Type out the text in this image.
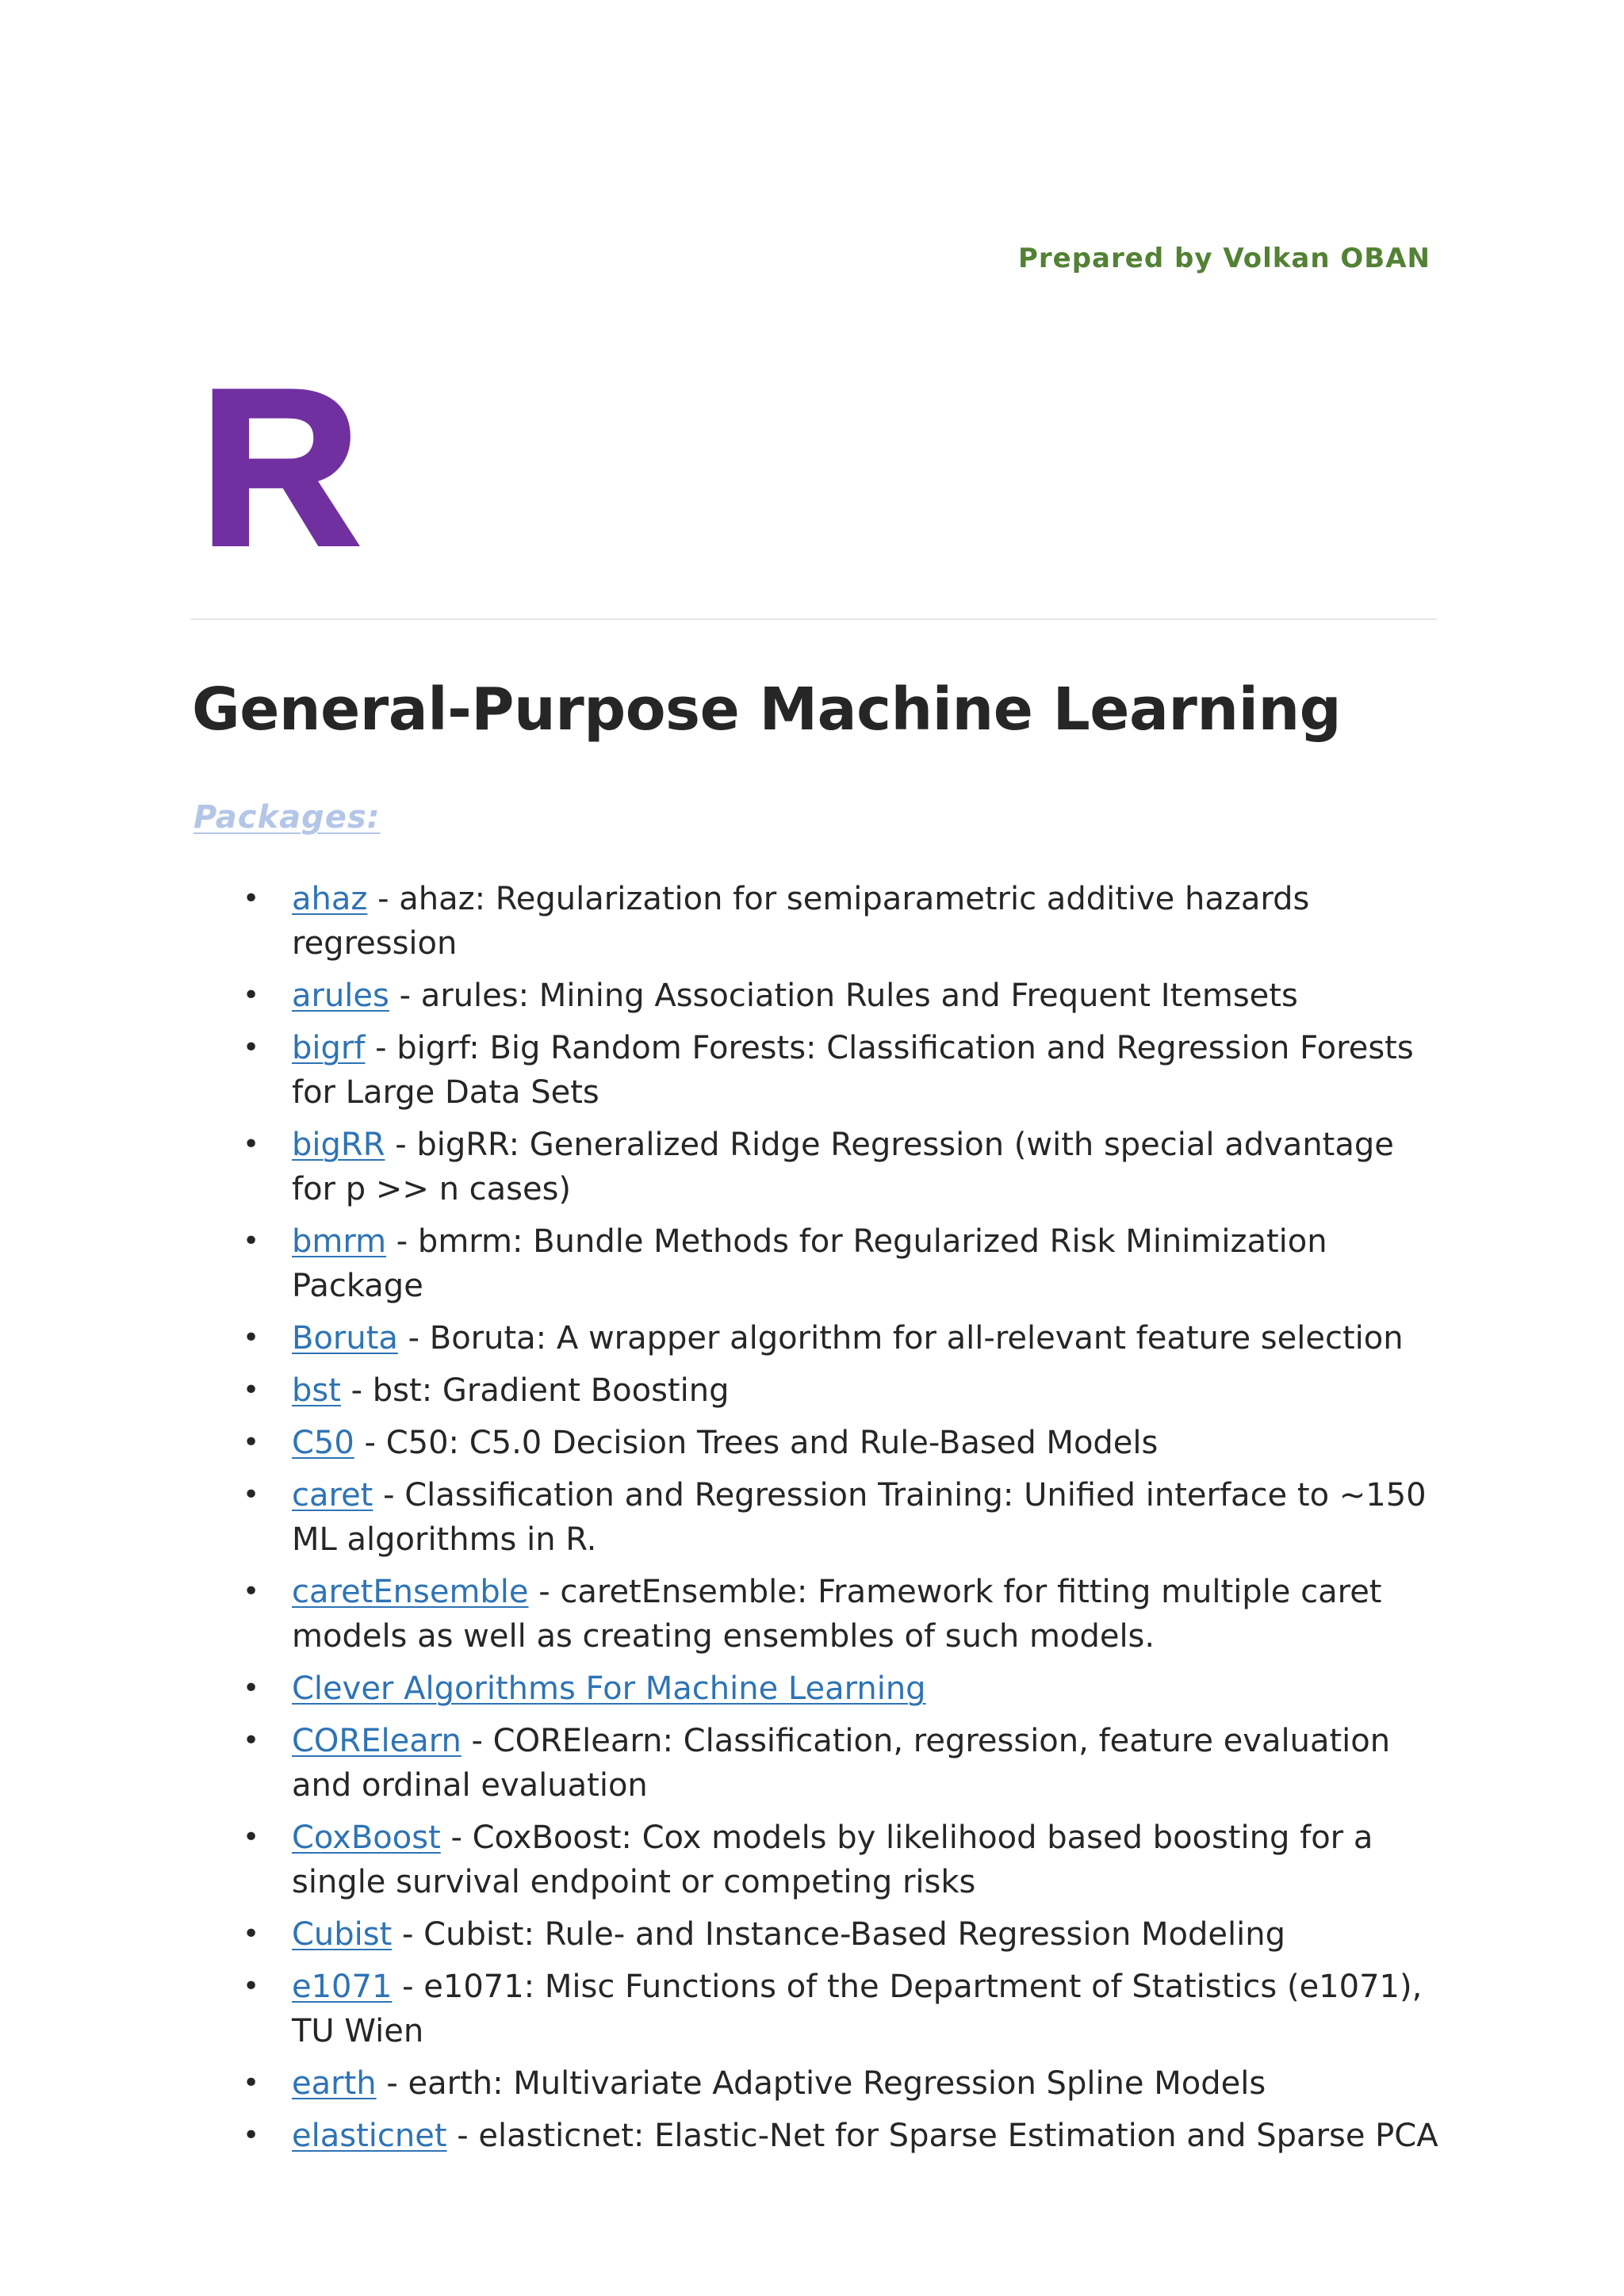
Prepared by Volkan OBAN
R
General-Purpose Machine Learning
Packages:
• ahaz - ahaz: Regularization for semiparametric additive hazards regression
• arules - arules: Mining Association Rules and Frequent Itemsets
• bigrf - bigrf: Big Random Forests: Classification and Regression Forests for Large Data Sets
• bigRR - bigRR: Generalized Ridge Regression (with special advantage for p >> n cases)
• bmrm - bmrm: Bundle Methods for Regularized Risk Minimization Package
• Boruta - Boruta: A wrapper algorithm for all-relevant feature selection
• bst - bst: Gradient Boosting
• C50 - C50: C5.0 Decision Trees and Rule-Based Models
• caret - Classification and Regression Training: Unified interface to ~150 ML algorithms in R.
• caretEnsemble - caretEnsemble: Framework for fitting multiple caret models as well as creating ensembles of such models.
• Clever Algorithms For Machine Learning
• CORElearn - CORElearn: Classification, regression, feature evaluation and ordinal evaluation
• CoxBoost - CoxBoost: Cox models by likelihood based boosting for a single survival endpoint or competing risks
• Cubist - Cubist: Rule- and Instance-Based Regression Modeling
• e1071 - e1071: Misc Functions of the Department of Statistics (e1071), TU Wien
• earth - earth: Multivariate Adaptive Regression Spline Models
• elasticnet - elasticnet: Elastic-Net for Sparse Estimation and Sparse PCA
